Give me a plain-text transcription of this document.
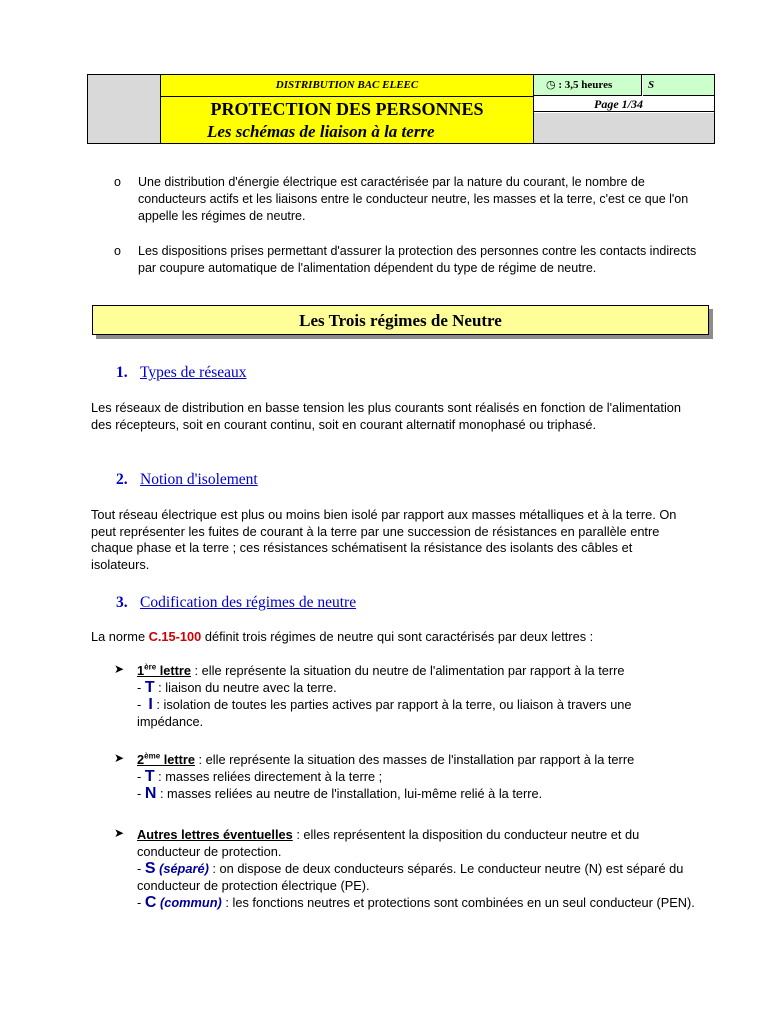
DISTRIBUTION BAC ELEEC
PROTECTION DES PERSONNES
Les schémas de liaison à la terre
◷ : 3,5 heures	S
Page 1/34
o Une distribution d'énergie électrique est caractérisée par la nature du courant, le nombre de conducteurs actifs et les liaisons entre le conducteur neutre, les masses et la terre, c'est ce que l'on appelle les régimes de neutre.
o Les dispositions prises permettant d'assurer la protection des personnes contre les contacts indirects par coupure automatique de l'alimentation dépendent du type de régime de neutre.
Les Trois régimes de Neutre
1. Types de réseaux
Les réseaux de distribution en basse tension les plus courants sont réalisés en fonction de l'alimentation des récepteurs, soit en courant continu, soit en courant alternatif monophasé ou triphasé.
2. Notion d'isolement
Tout réseau électrique est plus ou moins bien isolé par rapport aux masses métalliques et à la terre. On peut représenter les fuites de courant à la terre par une succession de résistances en parallèle entre chaque phase et la terre ; ces résistances schématisent la résistance des isolants des câbles et isolateurs.
3. Codification des régimes de neutre
La norme C.15-100 définit trois régimes de neutre qui sont caractérisés par deux lettres :
➤ 1ère lettre : elle représente la situation du neutre de l'alimentation par rapport à la terre
- T : liaison du neutre avec la terre.
-  I : isolation de toutes les parties actives par rapport à la terre, ou liaison à travers une impédance.
➤ 2ème lettre : elle représente la situation des masses de l'installation par rapport à la terre
- T : masses reliées directement à la terre ;
- N : masses reliées au neutre de l'installation, lui-même relié à la terre.
➤ Autres lettres éventuelles : elles représentent la disposition du conducteur neutre et du conducteur de protection.
- S (séparé) : on dispose de deux conducteurs séparés. Le conducteur neutre (N) est séparé du conducteur de protection électrique (PE).
- C (commun) : les fonctions neutres et protections sont combinées en un seul conducteur (PEN).
